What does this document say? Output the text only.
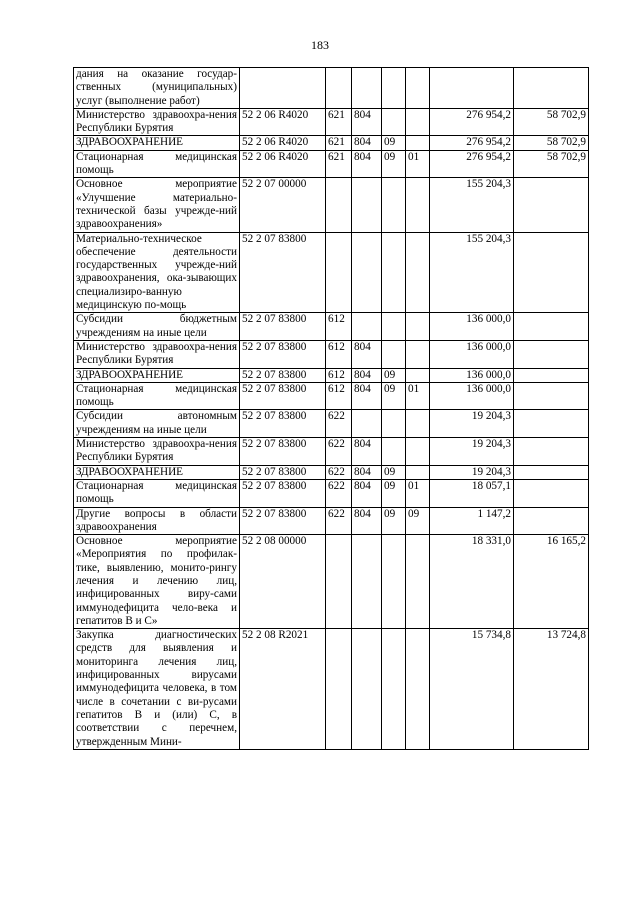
183
дания на оказание государ-ственных (муниципальных) услуг (выполнение работ)							
Министерство здравоохра-нения Республики Бурятия	52 2 06 R4020	621	804			276 954,2	58 702,9
ЗДРАВООХРАНЕНИЕ	52 2 06 R4020	621	804	09		276 954,2	58 702,9
Стационарная медицинская помощь	52 2 06 R4020	621	804	09	01	276 954,2	58 702,9
Основное мероприятие «Улучшение материально-технической базы учрежде-ний здравоохранения»	52 2 07 00000					155 204,3	
Материально-техническое обеспечение деятельности государственных учрежде-ний здравоохранения, ока-зывающих специализиро-ванную медицинскую по-мощь	52 2 07 83800					155 204,3	
Субсидии бюджетным учреждениям на иные цели	52 2 07 83800	612				136 000,0	
Министерство здравоохра-нения Республики Бурятия	52 2 07 83800	612	804			136 000,0	
ЗДРАВООХРАНЕНИЕ	52 2 07 83800	612	804	09		136 000,0	
Стационарная медицинская помощь	52 2 07 83800	612	804	09	01	136 000,0	
Субсидии автономным учреждениям на иные цели	52 2 07 83800	622				19 204,3	
Министерство здравоохра-нения Республики Бурятия	52 2 07 83800	622	804			19 204,3	
ЗДРАВООХРАНЕНИЕ	52 2 07 83800	622	804	09		19 204,3	
Стационарная медицинская помощь	52 2 07 83800	622	804	09	01	18 057,1	
Другие вопросы в области здравоохранения	52 2 07 83800	622	804	09	09	1 147,2	
Основное мероприятие «Мероприятия по профилак-тике, выявлению, монито-рингу лечения и лечению лиц, инфицированных виру-сами иммунодефицита чело-века и гепатитов В и С»	52 2 08 00000					18 331,0	16 165,2
Закупка диагностических средств для выявления и мониторинга лечения лиц, инфицированных вирусами иммунодефицита человека, в том числе в сочетании с ви-русами гепатитов В и (или) С, в соответствии с перечнем, утвержденным Мини-	52 2 08 R2021					15 734,8	13 724,8
